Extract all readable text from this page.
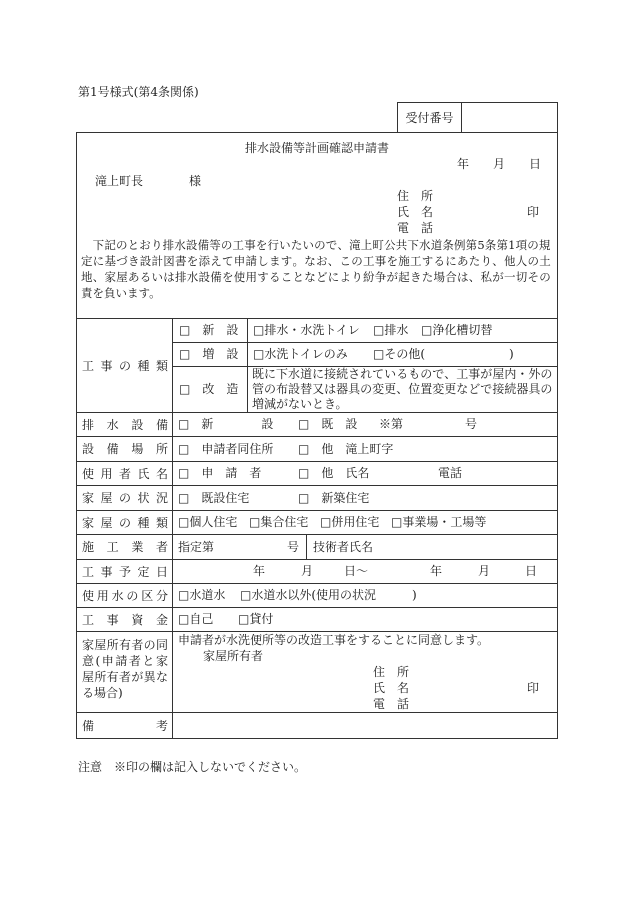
第1号様式(第4条関係)
受付番号
排水設備等計画確認申請書
年 月 日
滝上町長	様
住　所
氏　名	印
電　話

下 記 の と お り 排 水 設 備 等 の 工 事 を 行 い た い の で 、 滝 上 町 公 共 下 水 道 条 例 第 5 条 第 1 項 の 規
定 に 基 づ き 設 計 図 書 を 添 え て 申 請 し ま す 。 な お 、 こ の 工 事 を 施 工 す る に あ た り 、 他 人 の 土
地 、 家 屋 あ る い は 排 水 設 備 を 使 用 す る こ と な ど に よ り 紛 争 が 起 き た 場 合 は 、 私 が 一 切 そ の
責を負います。
工 事 の 種 類
□　新　設	□排水・水洗トイレ □排水 □浄化槽切替
□　増　設	□水洗トイレのみ □その他(　　　　　　　)
□　改　造
既 に 下 水 道 に 接 続 さ れ て い る も の で 、 工 事 が 屋 内 ・ 外 の
管 の 布 設 替 又 は 器 具 の 変 更 、 位 置 変 更 な ど で 接 続 器 具 の
増減がないとき。
排 水 設 備 □　新　　　　設 □　既　設 ※第	号
設 備 場 所 □　申請者同住所 □　他　滝上町字
使 用 者 氏 名 □　申　請　者	□　他　氏名	電話
家 屋 の 状 況 □　既設住宅	□　新築住宅
家 屋 の 種 類 □個人住宅 □集合住宅 □併用住宅 □事業場・工場等
施 工 業 者 指定第	号 技術者氏名
工 事 予 定 日	年	月	日〜	年	月	日
使 用 水 の 区 分 □水道水 □水道水以外(使用の状況　　　)
工 事 資 金 □自己 □貸付
家 屋 所 有 者 の 同
意 ( 申 請 者 と 家
屋 所 有 者 が 異 な
る場合)
申請者が水洗便所等の改造工事をすることに同意します。
家屋所有者
住　所
氏　名	印
電　話
備	考
注意　※印の欄は記入しないでください。
